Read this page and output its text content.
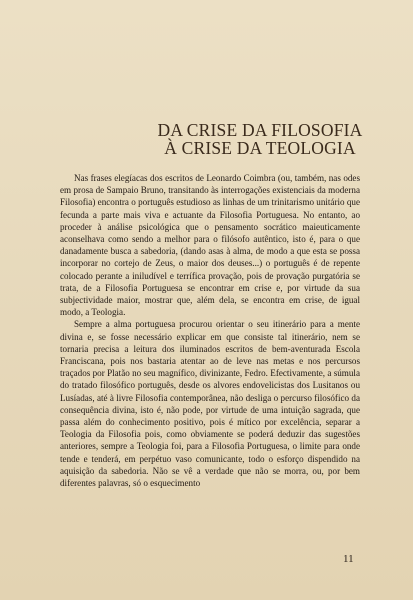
DA CRISE DA FILOSOFIA
À CRISE DA TEOLOGIA

Nas frases elegíacas dos escritos de Leonardo Coimbra (ou, também, nas odes em prosa de Sampaio Bruno, transitando às interrogações existenciais da moderna Filosofia) encontra o português estudioso as linhas de um trinitarismo unitário que fecunda a parte mais viva e actuante da Filosofia Portuguesa. No entanto, ao proceder à análise psicológica que o pensamento socrático maieuticamente aconselhava como sendo a melhor para o filósofo autêntico, isto é, para o que danadamente busca a sabedoria, (dando asas à alma, de modo a que esta se possa incorporar no cortejo de Zeus, o maior dos deuses...) o português é de repente colocado perante a iniludível e terrífica provação, pois de provação purgatória se trata, de a Filosofia Portuguesa se encontrar em crise e, por virtude da sua subjectividade maior, mostrar que, além dela, se encontra em crise, de igual modo, a Teologia.

Sempre a alma portuguesa procurou orientar o seu itinerário para a mente divina e, se fosse necessário explicar em que consiste tal itinerário, nem se tornaria precisa a leitura dos iluminados escritos de bem-aventurada Escola Franciscana, pois nos bastaria atentar ao de leve nas metas e nos percursos traçados por Platão no seu magnífico, divinizante, Fedro. Efectivamente, a súmula do tratado filosófico português, desde os alvores endovelicistas dos Lusitanos ou Lusíadas, até à livre Filosofia contemporânea, não desliga o percurso filosófico da consequência divina, isto é, não pode, por virtude de uma intuição sagrada, que passa além do conhecimento positivo, pois é mítico por excelência, separar a Teologia da Filosofia pois, como obviamente se poderá deduzir das sugestões anteriores, sempre a Teologia foi, para a Filosofia Portuguesa, o limite para onde tende e tenderá, em perpétuo vaso comunicante, todo o esforço dispendido na aquisição da sabedoria. Não se vê a verdade que não se morra, ou, por bem diferentes palavras, só o esquecimento

11
